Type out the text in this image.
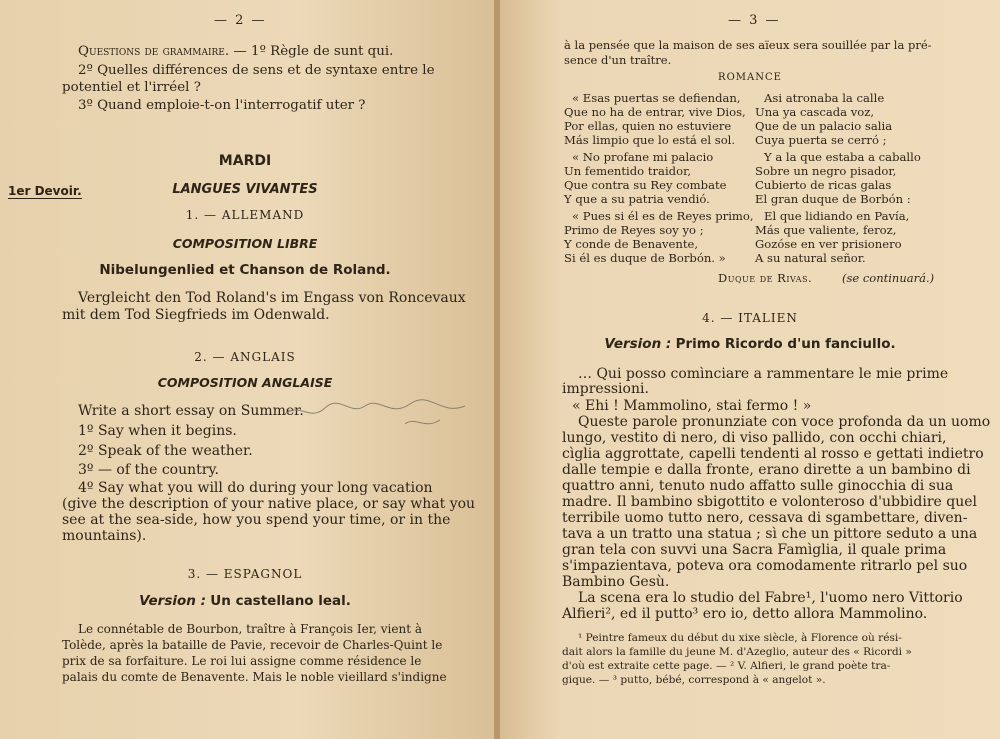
— 2 —
Questions de grammaire. — 1º Règle de sunt qui.
2º Quelles différences de sens et de syntaxe entre le
potentiel et l'irréel ?
3º Quand emploie-t-on l'interrogatif uter ?
MARDI
1er Devoir.	LANGUES VIVANTES
1. — ALLEMAND
COMPOSITION LIBRE
Nibelungenlied et Chanson de Roland.
Vergleicht den Tod Roland's im Engass von Roncevaux
mit dem Tod Siegfrieds im Odenwald.
2. — ANGLAIS
COMPOSITION ANGLAISE
Write a short essay on Summer.
1º Say when it begins.
2º Speak of the weather.
3º — of the country.
4º Say what you will do during your long vacation
(give the description of your native place, or say what you
see at the sea-side, how you spend your time, or in the
mountains).
3. — ESPAGNOL
Version : Un castellano leal.
Le connétable de Bourbon, traître à François Ier, vient à
Tolède, après la bataille de Pavie, recevoir de Charles-Quint le
prix de sa forfaiture. Le roi lui assigne comme résidence le
palais du comte de Benavente. Mais le noble vieillard s'indigne
— 3 —
à la pensée que la maison de ses aïeux sera souillée par la pré-
sence d'un traître.
ROMANCE
« Esas puertas se defiendan,
Que no ha de entrar, vive Dios,
Por ellas, quien no estuviere
Más limpio que lo está el sol.
« No profane mi palacio
Un fementido traidor,
Que contra su Rey combate
Y que a su patria vendió.
« Pues si él es de Reyes primo,
Primo de Reyes soy yo ;
Y conde de Benavente,
Si él es duque de Borbón. »
Asi atronaba la calle
Una ya cascada voz,
Que de un palacio salia
Cuya puerta se cerró ;
Y a la que estaba a caballo
Sobre un negro pisador,
Cubierto de ricas galas
El gran duque de Borbón :
El que lidiando en Pavía,
Más que valiente, feroz,
Gozóse en ver prisionero
A su natural señor.
Duque de Rivas.	(se continuará.)
4. — ITALIEN
Version : Primo Ricordo d'un fanciullo.
… Qui posso comìnciare a rammentare le mie prime
impressioni.
« Ehi ! Mammolino, stai fermo ! »
Queste parole pronunziate con voce profonda da un uomo
lungo, vestito di nero, di viso pallido, con occhi chiari,
cìglia aggrottate, capelli tendenti al rosso e gettati indietro
dalle tempie e dalla fronte, erano dirette a un bambino di
quattro anni, tenuto nudo affatto sulle ginocchia di sua
madre. Il bambino sbigottito e volonteroso d'ubbidire quel
terribile uomo tutto nero, cessava di sgambettare, diven-
tava a un tratto una statua ; sì che un pittore seduto a una
gran tela con suvvi una Sacra Famìglia, il quale prima
s'impazientava, poteva ora comodamente ritrarlo pel suo
Bambino Gesù.
La scena era lo studio del Fabre¹, l'uomo nero Vittorio
Alfieri², ed il putto³ ero io, detto allora Mammolino.
¹ Peintre fameux du début du xixe siècle, à Florence où rési-
dait alors la famille du jeune M. d'Azeglio, auteur des « Ricordi »
d'où est extraite cette page. — ² V. Alfieri, le grand poète tra-
gique. — ³ putto, bébé, correspond à « angelot ».
